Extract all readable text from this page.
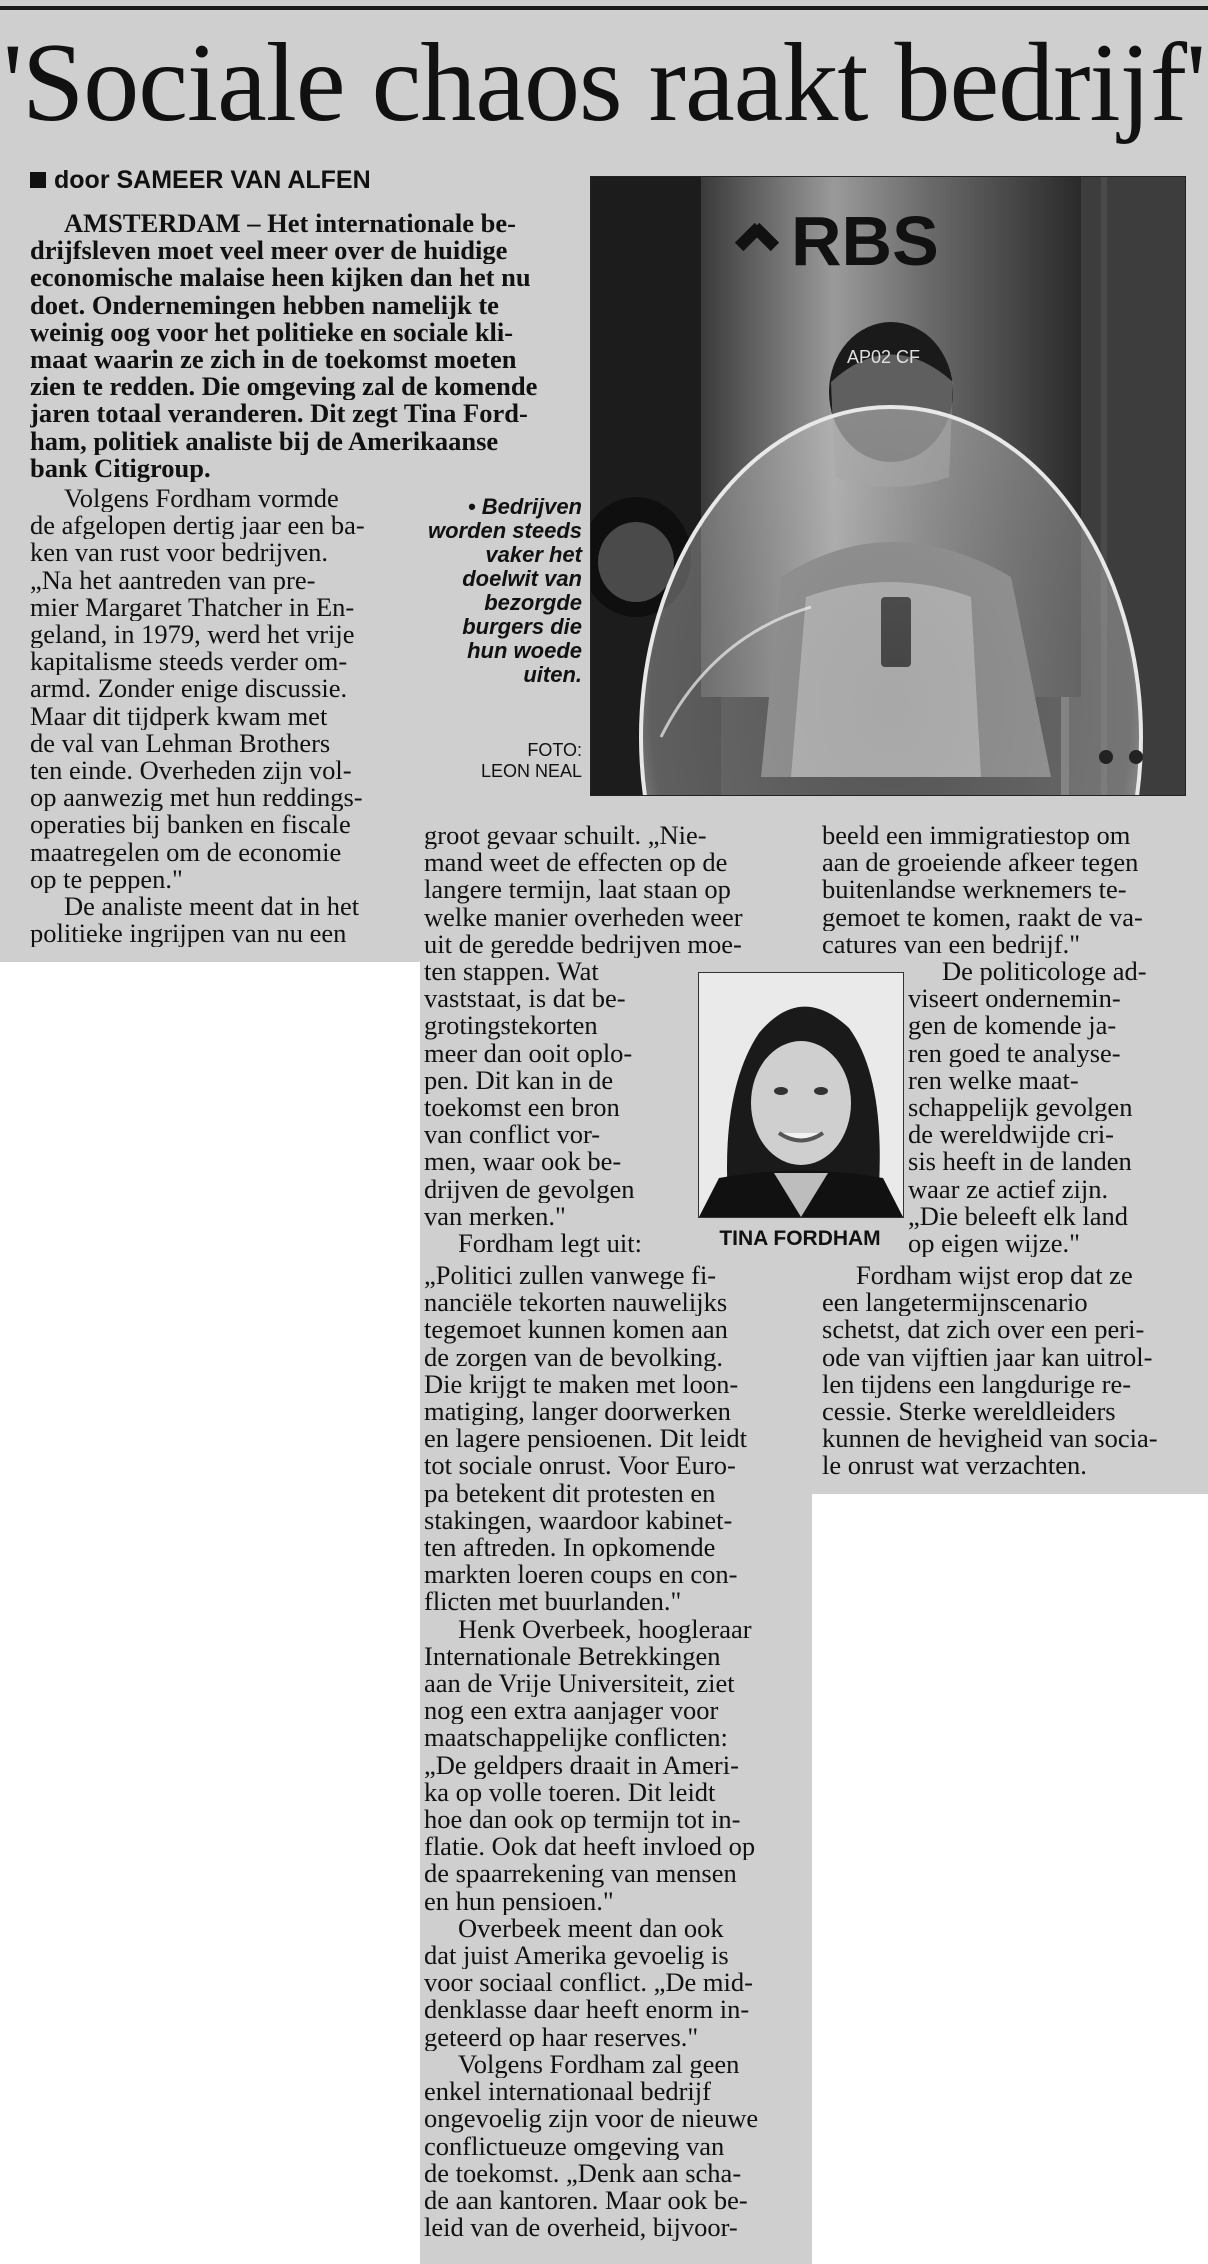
'Sociale chaos raakt bedrijf'
door SAMEER VAN ALFEN
AMSTERDAM – Het internationale be-
drijfsleven moet veel meer over de huidige
economische malaise heen kijken dan het nu
doet. Ondernemingen hebben namelijk te
weinig oog voor het politieke en sociale kli-
maat waarin ze zich in de toekomst moeten
zien te redden. Die omgeving zal de komende
jaren totaal veranderen. Dit zegt Tina Ford-
ham, politiek analiste bij de Amerikaanse
bank Citigroup.
Volgens Fordham vormde
de afgelopen dertig jaar een ba-
ken van rust voor bedrijven.
„Na het aantreden van pre-
mier Margaret Thatcher in En-
geland, in 1979, werd het vrije
kapitalisme steeds verder om-
armd. Zonder enige discussie.
Maar dit tijdperk kwam met
de val van Lehman Brothers
ten einde. Overheden zijn vol-
op aanwezig met hun reddings-
operaties bij banken en fiscale
maatregelen om de economie
op te peppen."
De analiste meent dat in het
politieke ingrijpen van nu een
RBS
AP02 CF
• Bedrijven worden steeds vaker het doelwit van bezorgde burgers die hun woede uiten.
FOTO:
LEON NEAL
groot gevaar schuilt. „Nie-
mand weet de effecten op de
langere termijn, laat staan op
welke manier overheden weer
uit de geredde bedrijven moe-
ten stappen. Wat
vaststaat, is dat be-
grotingstekorten
meer dan ooit oplo-
pen. Dit kan in de
toekomst een bron
van conflict vor-
men, waar ook be-
drijven de gevolgen
van merken."
Fordham legt uit:
„Politici zullen vanwege fi-
nanciële tekorten nauwelijks
tegemoet kunnen komen aan
de zorgen van de bevolking.
Die krijgt te maken met loon-
matiging, langer doorwerken
en lagere pensioenen. Dit leidt
tot sociale onrust. Voor Euro-
pa betekent dit protesten en
stakingen, waardoor kabinet-
ten aftreden. In opkomende
markten loeren coups en con-
flicten met buurlanden."
Henk Overbeek, hoogleraar
Internationale Betrekkingen
aan de Vrije Universiteit, ziet
nog een extra aanjager voor
maatschappelijke conflicten:
„De geldpers draait in Ameri-
ka op volle toeren. Dit leidt
hoe dan ook op termijn tot in-
flatie. Ook dat heeft invloed op
de spaarrekening van mensen
en hun pensioen."
Overbeek meent dan ook
dat juist Amerika gevoelig is
voor sociaal conflict. „De mid-
denklasse daar heeft enorm in-
geteerd op haar reserves."
Volgens Fordham zal geen
enkel internationaal bedrijf
ongevoelig zijn voor de nieuwe
conflictueuze omgeving van
de toekomst. „Denk aan scha-
de aan kantoren. Maar ook be-
leid van de overheid, bijvoor-
TINA FORDHAM
beeld een immigratiestop om
aan de groeiende afkeer tegen
buitenlandse werknemers te-
gemoet te komen, raakt de va-
catures van een bedrijf."
De politicologe ad-
viseert ondernemin-
gen de komende ja-
ren goed te analyse-
ren welke maat-
schappelijk gevolgen
de wereldwijde cri-
sis heeft in de landen
waar ze actief zijn.
„Die beleeft elk land
op eigen wijze."
Fordham wijst erop dat ze
een langetermijnscenario
schetst, dat zich over een peri-
ode van vijftien jaar kan uitrol-
len tijdens een langdurige re-
cessie. Sterke wereldleiders
kunnen de hevigheid van socia-
le onrust wat verzachten.
